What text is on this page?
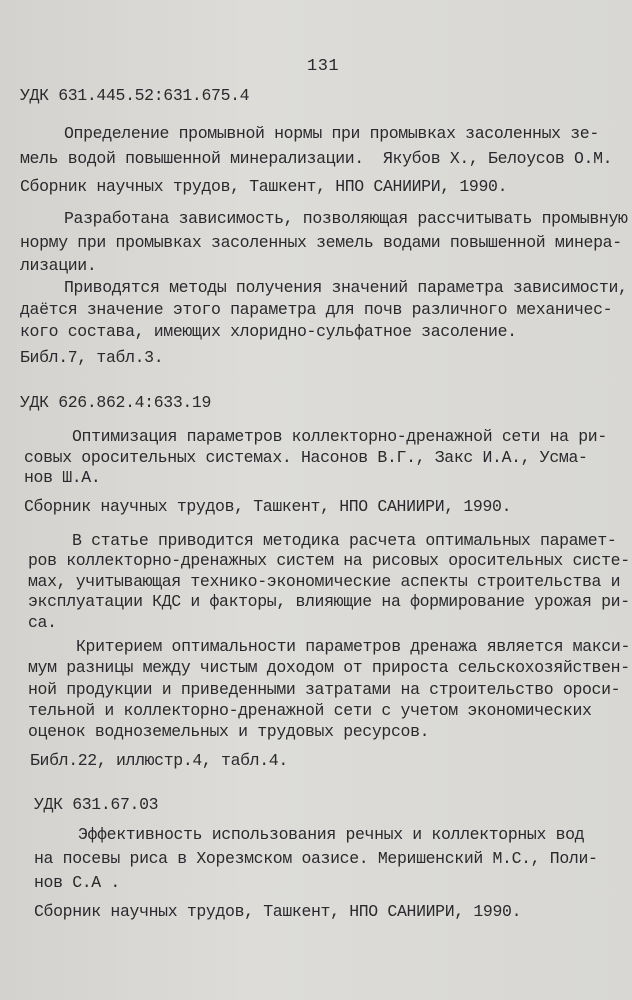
131
УДК 631.445.52:631.675.4
Определение промывной нормы при промывках засоленных зе-
мель водой повышенной минерализации.  Якубов Х., Белоусов О.М.
Сборник научных трудов, Ташкент, НПО САНИИРИ, 1990.
Разработана зависимость, позволяющая рассчитывать промывную
норму при промывках засоленных земель водами повышенной минера-
лизации.
Приводятся методы получения значений параметра зависимости,
даётся значение этого параметра для почв различного механичес-
кого состава, имеющих хлоридно-сульфатное засоление.
Библ.7, табл.3.
УДК 626.862.4:633.19
Оптимизация параметров коллекторно-дренажной сети на ри-
совых оросительных системах. Насонов В.Г., Закс И.А., Усма-
нов Ш.А.
Сборник научных трудов, Ташкент, НПО САНИИРИ, 1990.
В статье приводится методика расчета оптимальных парамет-
ров коллекторно-дренажных систем на рисовых оросительных систе-
мах, учитывающая технико-экономические аспекты строительства и
эксплуатации КДС и факторы, влияющие на формирование урожая ри-
са.
Критерием оптимальности параметров дренажа является макси-
мум разницы между чистым доходом от прироста сельскохозяйствен-
ной продукции и приведенными затратами на строительство ороси-
тельной и коллекторно-дренажной сети с учетом экономических
оценок водноземельных и трудовых ресурсов.
Библ.22, иллюстр.4, табл.4.
УДК 631.67.03
Эффективность использования речных и коллекторных вод
на посевы риса в Хорезмском оазисе. Меришенский М.С., Поли-
нов С.А .
Сборник научных трудов, Ташкент, НПО САНИИРИ, 1990.
